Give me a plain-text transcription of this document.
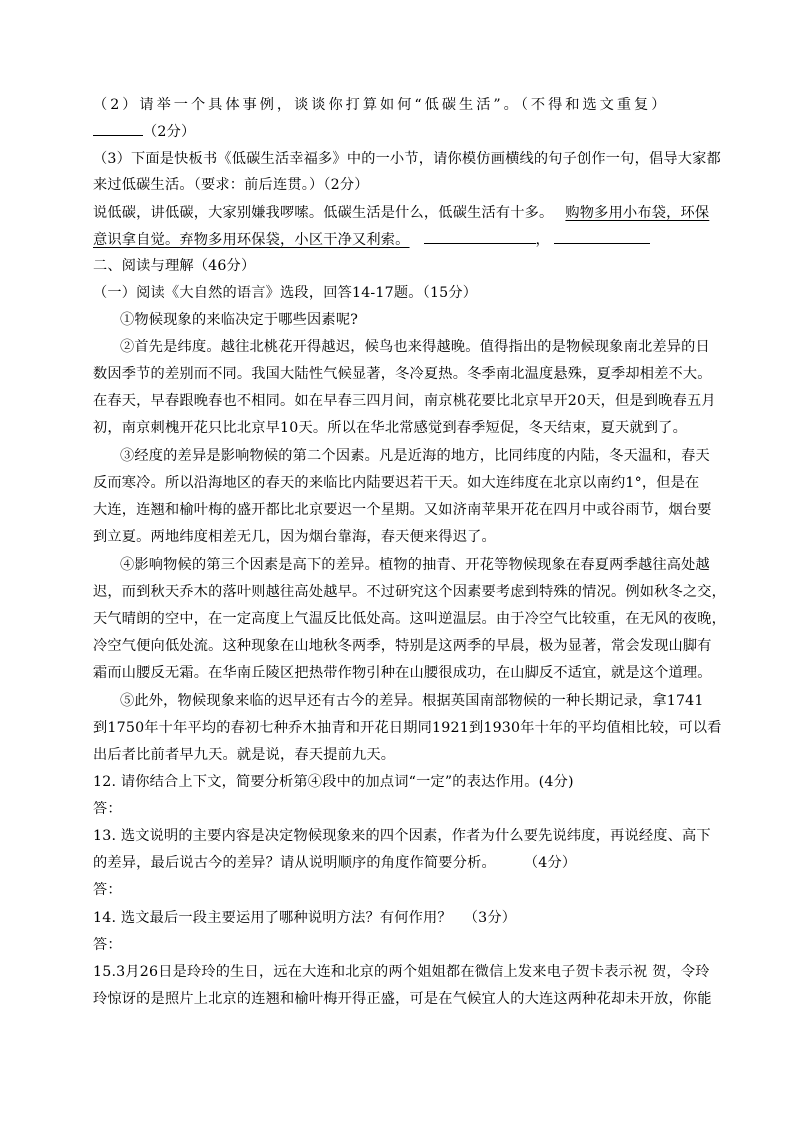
（2）请举一个具体事例，谈谈你打算如何“低碳生活”。（不得和选文重复）
（2分）
（3）下面是快板书《低碳生活幸福多》中的一小节，请你模仿画横线的句子创作一句，倡导大家都
来过低碳生活。（要求：前后连贯。）（2分）
说低碳，讲低碳，大家别嫌我啰嗦。低碳生活是什么，低碳生活有十多。 购物多用小布袋，环保
意识拿自觉。弃物多用环保袋，小区干净又利索。	，
二、阅读与理解（46分）
（一）阅读《大自然的语言》选段，回答14-17题。（15分）
①物候现象的来临决定于哪些因素呢?
②首先是纬度。越往北桃花开得越迟，候鸟也来得越晚。值得指出的是物候现象南北差异的日
数因季节的差别而不同。我国大陆性气候显著，冬冷夏热。冬季南北温度悬殊，夏季却相差不大。
在春天，早春跟晚春也不相同。如在早春三四月间，南京桃花要比北京早开20天，但是到晚春五月
初，南京刺槐开花只比北京早10天。所以在华北常感觉到春季短促，冬天结束，夏天就到了。
③经度的差异是影响物候的第二个因素。凡是近海的地方，比同纬度的内陆，冬天温和，春天
反而寒冷。所以沿海地区的春天的来临比内陆要迟若干天。如大连纬度在北京以南约1°，但是在
大连，连翘和榆叶梅的盛开都比北京要迟一个星期。又如济南苹果开花在四月中或谷雨节，烟台要
到立夏。两地纬度相差无几，因为烟台靠海，春天便来得迟了。
④影响物候的第三个因素是高下的差异。植物的抽青、开花等物候现象在春夏两季越往高处越
迟，而到秋天乔木的落叶则越往高处越早。不过研究这个因素要考虑到特殊的情况。例如秋冬之交，
天气晴朗的空中，在一定高度上气温反比低处高。这叫逆温层。由于冷空气比较重，在无风的夜晚，
冷空气便向低处流。这种现象在山地秋冬两季，特别是这两季的早晨，极为显著，常会发现山脚有
霜而山腰反无霜。在华南丘陵区把热带作物引种在山腰很成功，在山脚反不适宜，就是这个道理。
⑤此外，物候现象来临的迟早还有古今的差异。根据英国南部物候的一种长期记录，拿1741
到1750年十年平均的春初七种乔木抽青和开花日期同1921到1930年十年的平均值相比较，可以看
出后者比前者早九天。就是说，春天提前九天。
12. 请你结合上下文，简要分析第④段中的加点词“一定”的表达作用。(4分)
答：
13. 选文说明的主要内容是决定物候现象来的四个因素，作者为什么要先说纬度，再说经度、高下
的差异，最后说古今的差异？请从说明顺序的角度作简要分析。 （4分）
答：
14. 选文最后一段主要运用了哪种说明方法？有何作用？ （3分）
答：
15.3月26日是玲玲的生日，远在大连和北京的两个姐姐都在微信上发来电子贺卡表示祝 贺，令玲
玲惊讶的是照片上北京的连翘和榆叶梅开得正盛，可是在气候宜人的大连这两种花却未开放，你能
